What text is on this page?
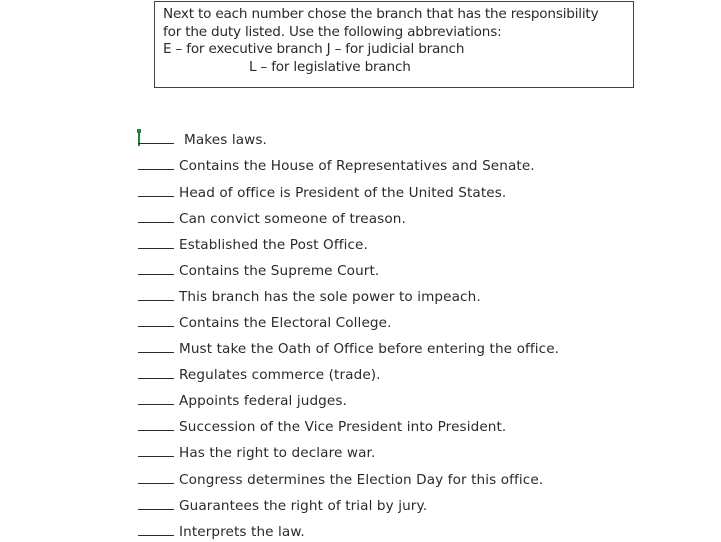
Next to each number chose the branch that has the responsibility
for the duty listed. Use the following abbreviations:
E – for executive branch J – for judicial branch
L – for legislative branch
Makes laws.
Contains the House of Representatives and Senate.
Head of office is President of the United States.
Can convict someone of treason.
Established the Post Office.
Contains the Supreme Court.
This branch has the sole power to impeach.
Contains the Electoral College.
Must take the Oath of Office before entering the office.
Regulates commerce (trade).
Appoints federal judges.
Succession of the Vice President into President.
Has the right to declare war.
Congress determines the Election Day for this office.
Guarantees the right of trial by jury.
Interprets the law.
